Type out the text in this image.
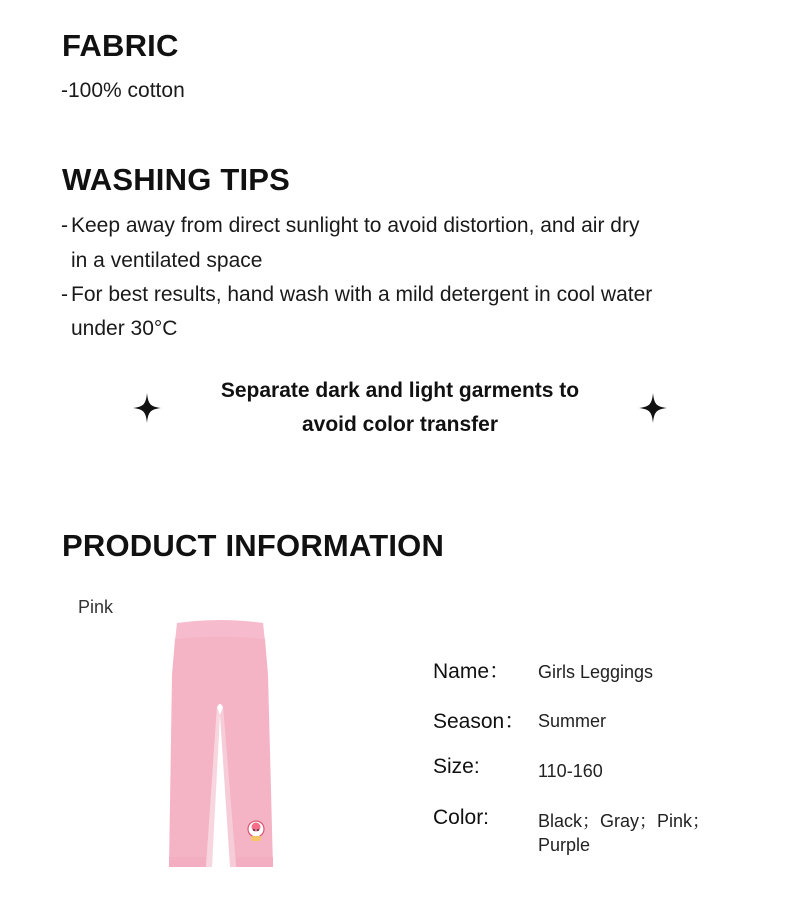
FABRIC
-100% cotton
WASHING TIPS
- Keep away from direct sunlight to avoid distortion, and air dry
in a ventilated space
- For best results, hand wash with a mild detergent in cool water
under 30°C
Separate dark and light garments to
avoid color transfer
PRODUCT INFORMATION
Pink
Name： Girls Leggings
Season： Summer
Size:	110-160
Color:	Black；Gray；Pink；
Purple
